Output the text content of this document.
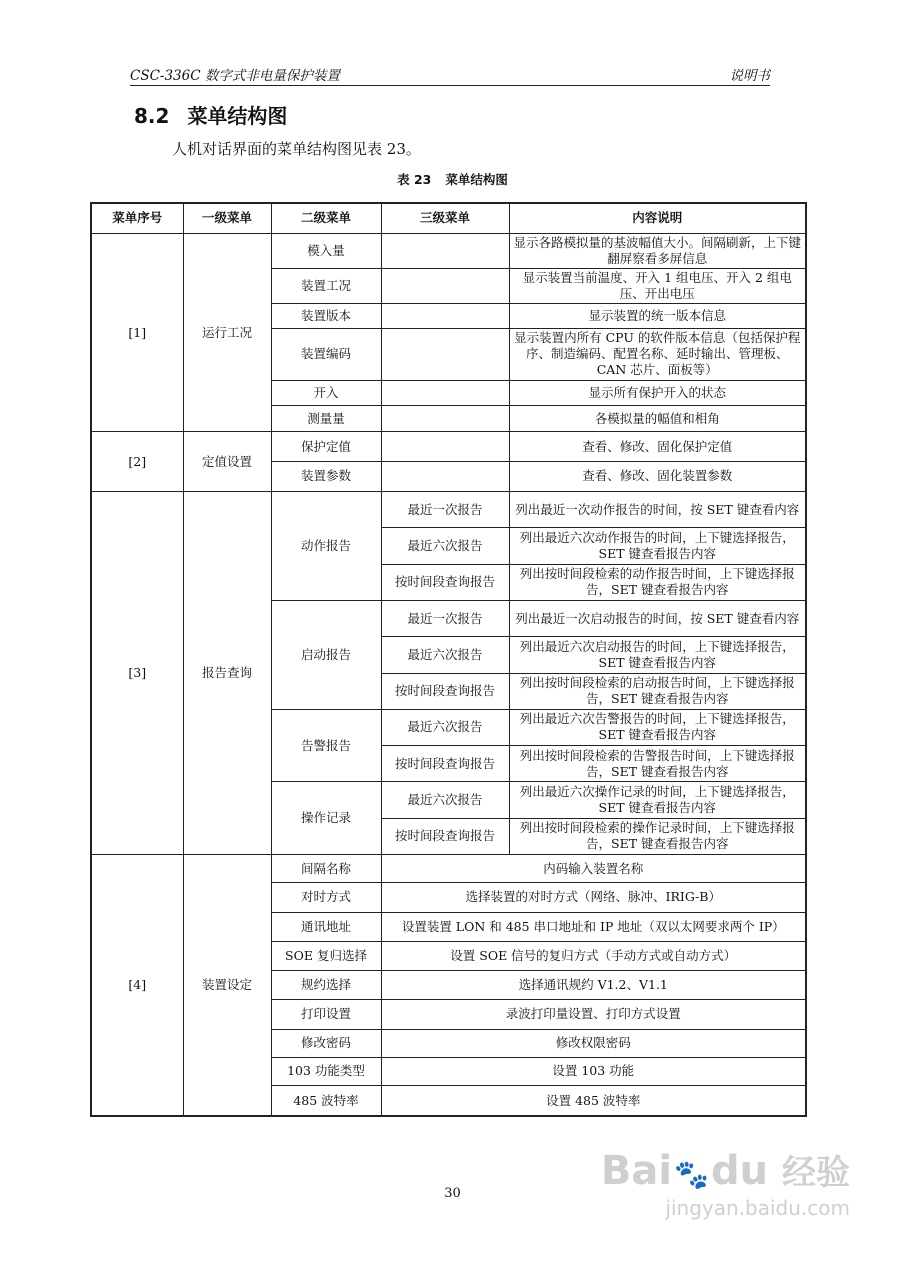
CSC-336C 数字式非电量保护装置	说明书
8.2 菜单结构图
人机对话界面的菜单结构图见表 23。
表 23 菜单结构图
菜单序号	一级菜单	二级菜单	三级菜单	内容说明
[1]	运行工况	模入量		显示各路模拟量的基波幅值大小。间隔刷新，上下键翻屏察看多屏信息
		装置工况		显示装置当前温度、开入 1 组电压、开入 2 组电压、开出电压
		装置版本		显示装置的统一版本信息
		装置编码		显示装置内所有 CPU 的软件版本信息（包括保护程序、制造编码、配置名称、延时输出、管理板、CAN 芯片、面板等）
		开入		显示所有保护开入的状态
		测量量		各模拟量的幅值和相角
[2]	定值设置	保护定值		查看、修改、固化保护定值
		装置参数		查看、修改、固化装置参数
[3]	报告查询	动作报告	最近一次报告	列出最近一次动作报告的时间，按 SET 键查看内容
			最近六次报告	列出最近六次动作报告的时间，上下键选择报告，SET 键查看报告内容
			按时间段查询报告	列出按时间段检索的动作报告时间，上下键选择报告，SET 键查看报告内容
		启动报告	最近一次报告	列出最近一次启动报告的时间，按 SET 键查看内容
			最近六次报告	列出最近六次启动报告的时间，上下键选择报告，SET 键查看报告内容
			按时间段查询报告	列出按时间段检索的启动报告时间，上下键选择报告，SET 键查看报告内容
		告警报告	最近六次报告	列出最近六次告警报告的时间，上下键选择报告，SET 键查看报告内容
			按时间段查询报告	列出按时间段检索的告警报告时间，上下键选择报告，SET 键查看报告内容
		操作记录	最近六次报告	列出最近六次操作记录的时间，上下键选择报告，SET 键查看报告内容
			按时间段查询报告	列出按时间段检索的操作记录时间，上下键选择报告，SET 键查看报告内容
[4]	装置设定	间隔名称	内码输入装置名称	
		对时方式	选择装置的对时方式（网络、脉冲、IRIG-B）	
		通讯地址	设置装置 LON 和 485 串口地址和 IP 地址（双以太网要求两个 IP）	
		SOE 复归选择	设置 SOE 信号的复归方式（手动方式或自动方式）	
		规约选择	选择通讯规约 V1.2、V1.1	
		打印设置	录波打印量设置、打印方式设置	
		修改密码	修改权限密码	
		103 功能类型	设置 103 功能	
		485 波特率	设置 485 波特率	
30	Bai🐾du 经验
jingyan.baidu.com
